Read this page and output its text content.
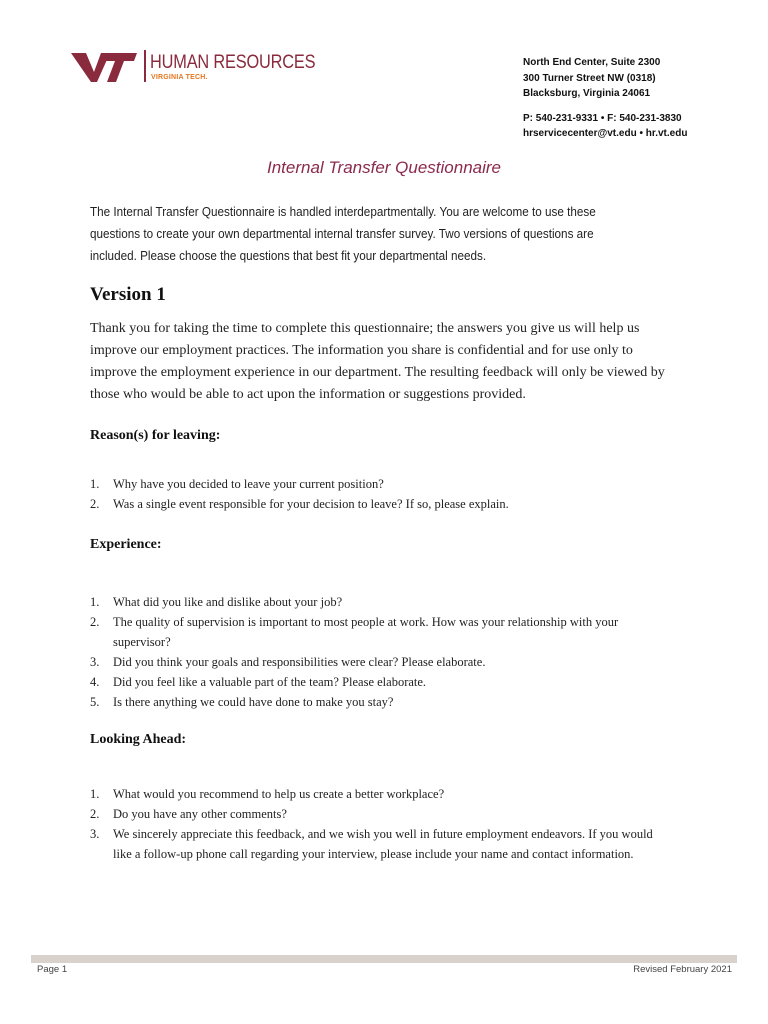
HUMAN RESOURCES
VIRGINIA TECH.
North End Center, Suite 2300
300 Turner Street NW (0318)
Blacksburg, Virginia 24061
P: 540-231-9331 • F: 540-231-3830
hrservicecenter@vt.edu • hr.vt.edu
Internal Transfer Questionnaire
The Internal Transfer Questionnaire is handled interdepartmentally. You are welcome to use these questions to create your own departmental internal transfer survey. Two versions of questions are included. Please choose the questions that best fit your departmental needs.
Version 1

Thank you for taking the time to complete this questionnaire; the answers you give us will help us improve our employment practices. The information you share is confidential and for use only to improve the employment experience in our department. The resulting feedback will only be viewed by those who would be able to act upon the information or suggestions provided.

Reason(s) for leaving:
1. Why have you decided to leave your current position?
2. Was a single event responsible for your decision to leave? If so, please explain.
Experience:
1. What did you like and dislike about your job?
2. The quality of supervision is important to most people at work. How was your relationship with your supervisor?
3. Did you think your goals and responsibilities were clear? Please elaborate.
4. Did you feel like a valuable part of the team? Please elaborate.
5. Is there anything we could have done to make you stay?
Looking Ahead:
1. What would you recommend to help us create a better workplace?
2. Do you have any other comments?
3. We sincerely appreciate this feedback, and we wish you well in future employment endeavors. If you would like a follow-up phone call regarding your interview, please include your name and contact information.
Page 1	Revised February 2021
